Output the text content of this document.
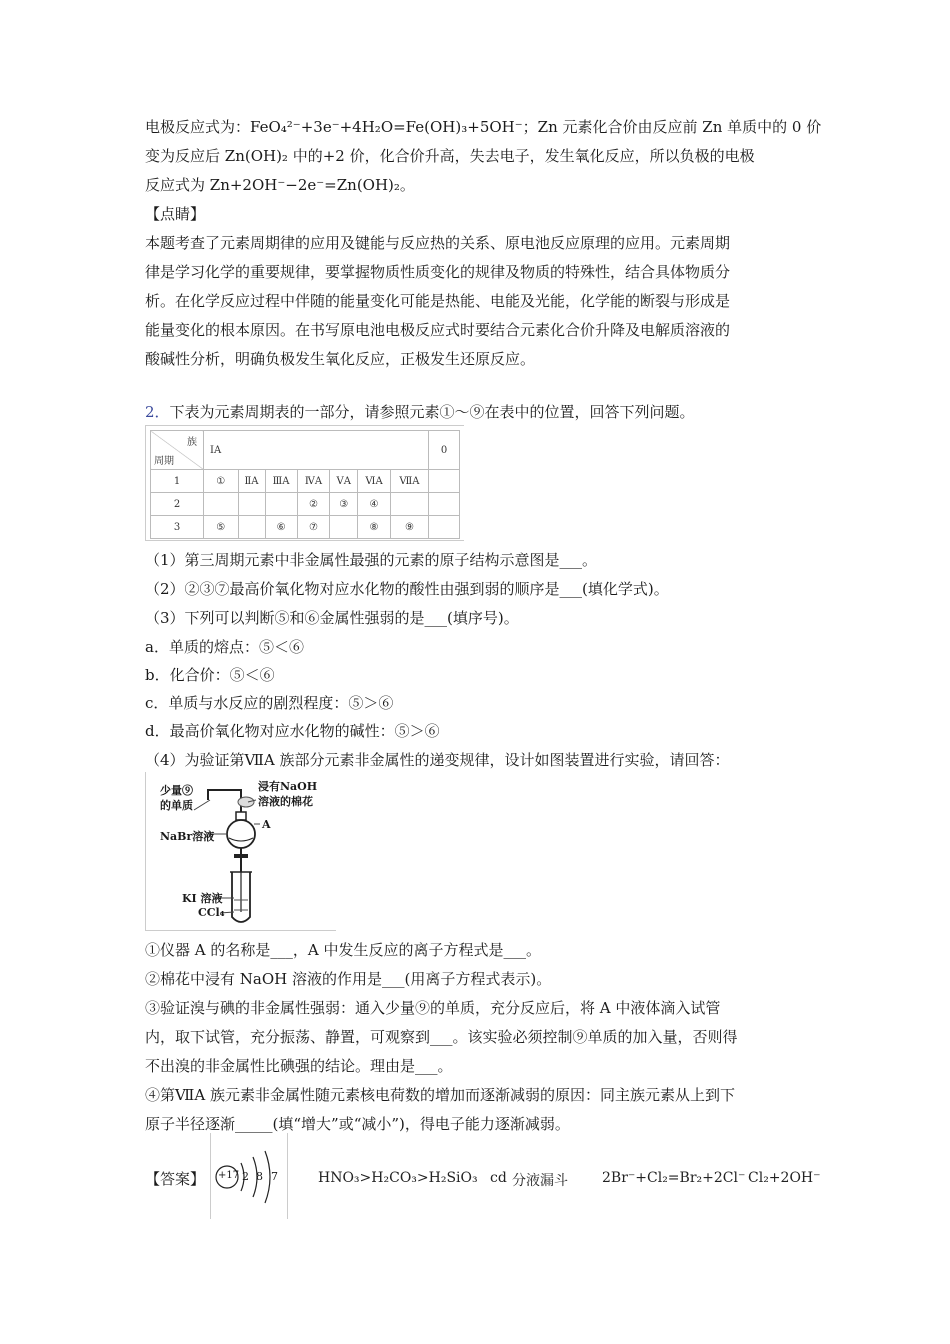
电极反应式为：FeO₄²⁻+3e⁻+4H₂O=Fe(OH)₃+5OH⁻；Zn 元素化合价由反应前 Zn 单质中的 0 价
变为反应后 Zn(OH)₂ 中的+2 价，化合价升高，失去电子，发生氧化反应，所以负极的电极
反应式为 Zn+2OH⁻−2e⁻=Zn(OH)₂。
【点睛】
本题考查了元素周期律的应用及键能与反应热的关系、原电池反应原理的应用。元素周期
律是学习化学的重要规律，要掌握物质性质变化的规律及物质的特殊性，结合具体物质分
析。在化学反应过程中伴随的能量变化可能是热能、电能及光能，化学能的断裂与形成是
能量变化的根本原因。在书写原电池电极反应式时要结合元素化合价升降及电解质溶液的
酸碱性分析，明确负极发生氧化反应，正极发生还原反应。
2．下表为元素周期表的一部分，请参照元素①～⑨在表中的位置，回答下列问题。
族
周期	ⅠA							0
1	①	ⅡA	ⅢA	ⅣA	ⅤA	ⅥA	ⅦA	
2				②	③	④		
3	⑤		⑥	⑦		⑧	⑨	
（1）第三周期元素中非金属性最强的元素的原子结构示意图是___。
（2）②③⑦最高价氧化物对应水化物的酸性由强到弱的顺序是___(填化学式)。
（3）下列可以判断⑤和⑥金属性强弱的是___(填序号)。
a．单质的熔点：⑤＜⑥
b．化合价：⑤＜⑥
c．单质与水反应的剧烈程度：⑤＞⑥
d．最高价氧化物对应水化物的碱性：⑤＞⑥
（4）为验证第ⅦA 族部分元素非金属性的递变规律，设计如图装置进行实验，请回答：
少量⑨
的单质
浸有NaOH
溶液的棉花
A
NaBr溶液
KI 溶液
CCl₄
①仪器 A 的名称是___，A 中发生反应的离子方程式是___。
②棉花中浸有 NaOH 溶液的作用是___(用离子方程式表示)。
③验证溴与碘的非金属性强弱：通入少量⑨的单质，充分反应后，将 A 中液体滴入试管
内，取下试管，充分振荡、静置，可观察到___。该实验必须控制⑨单质的加入量，否则得
不出溴的非金属性比碘强的结论。理由是___。
④第ⅦA 族元素非金属性随元素核电荷数的增加而逐渐减弱的原因：同主族元素从上到下
原子半径逐渐_____(填“增大”或“减小”)，得电子能力逐渐减弱。
【答案】 +17 2 8 7	HNO₃>H₂CO₃>H₂SiO₃ cd 分液漏斗 2Br⁻+Cl₂=Br₂+2Cl⁻ Cl₂+2OH⁻
